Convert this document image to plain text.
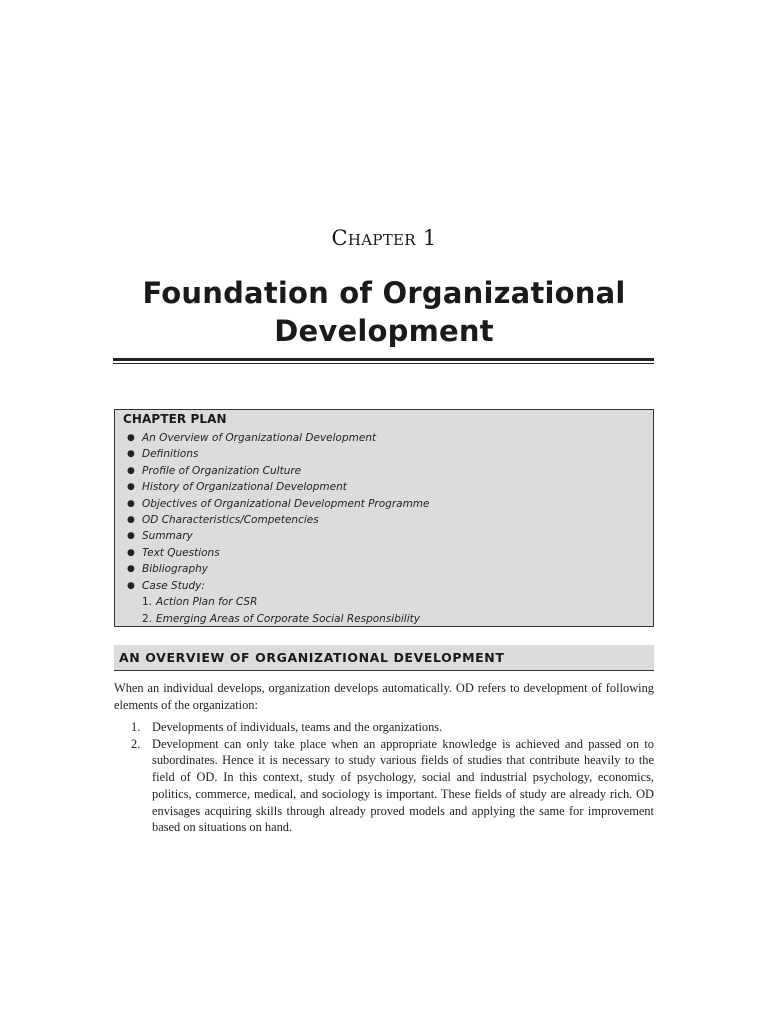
Chapter 1
Foundation of Organizational Development
CHAPTER PLAN
● An Overview of Organizational Development
● Definitions
● Profile of Organization Culture
● History of Organizational Development
● Objectives of Organizational Development Programme
● OD Characteristics/Competencies
● Summary
● Text Questions
● Bibliography
● Case Study:
1. Action Plan for CSR
2. Emerging Areas of Corporate Social Responsibility
AN OVERVIEW OF ORGANIZATIONAL DEVELOPMENT
When an individual develops, organization develops automatically. OD refers to development of following elements of the organization:
1. Developments of individuals, teams and the organizations.
2. Development can only take place when an appropriate knowledge is achieved and passed on to subordinates. Hence it is necessary to study various fields of studies that contribute heavily to the field of OD. In this context, study of psychology, social and industrial psychology, economics, politics, commerce, medical, and sociology is important. These fields of study are already rich. OD envisages acquiring skills through already proved models and applying the same for improvement based on situations on hand.
